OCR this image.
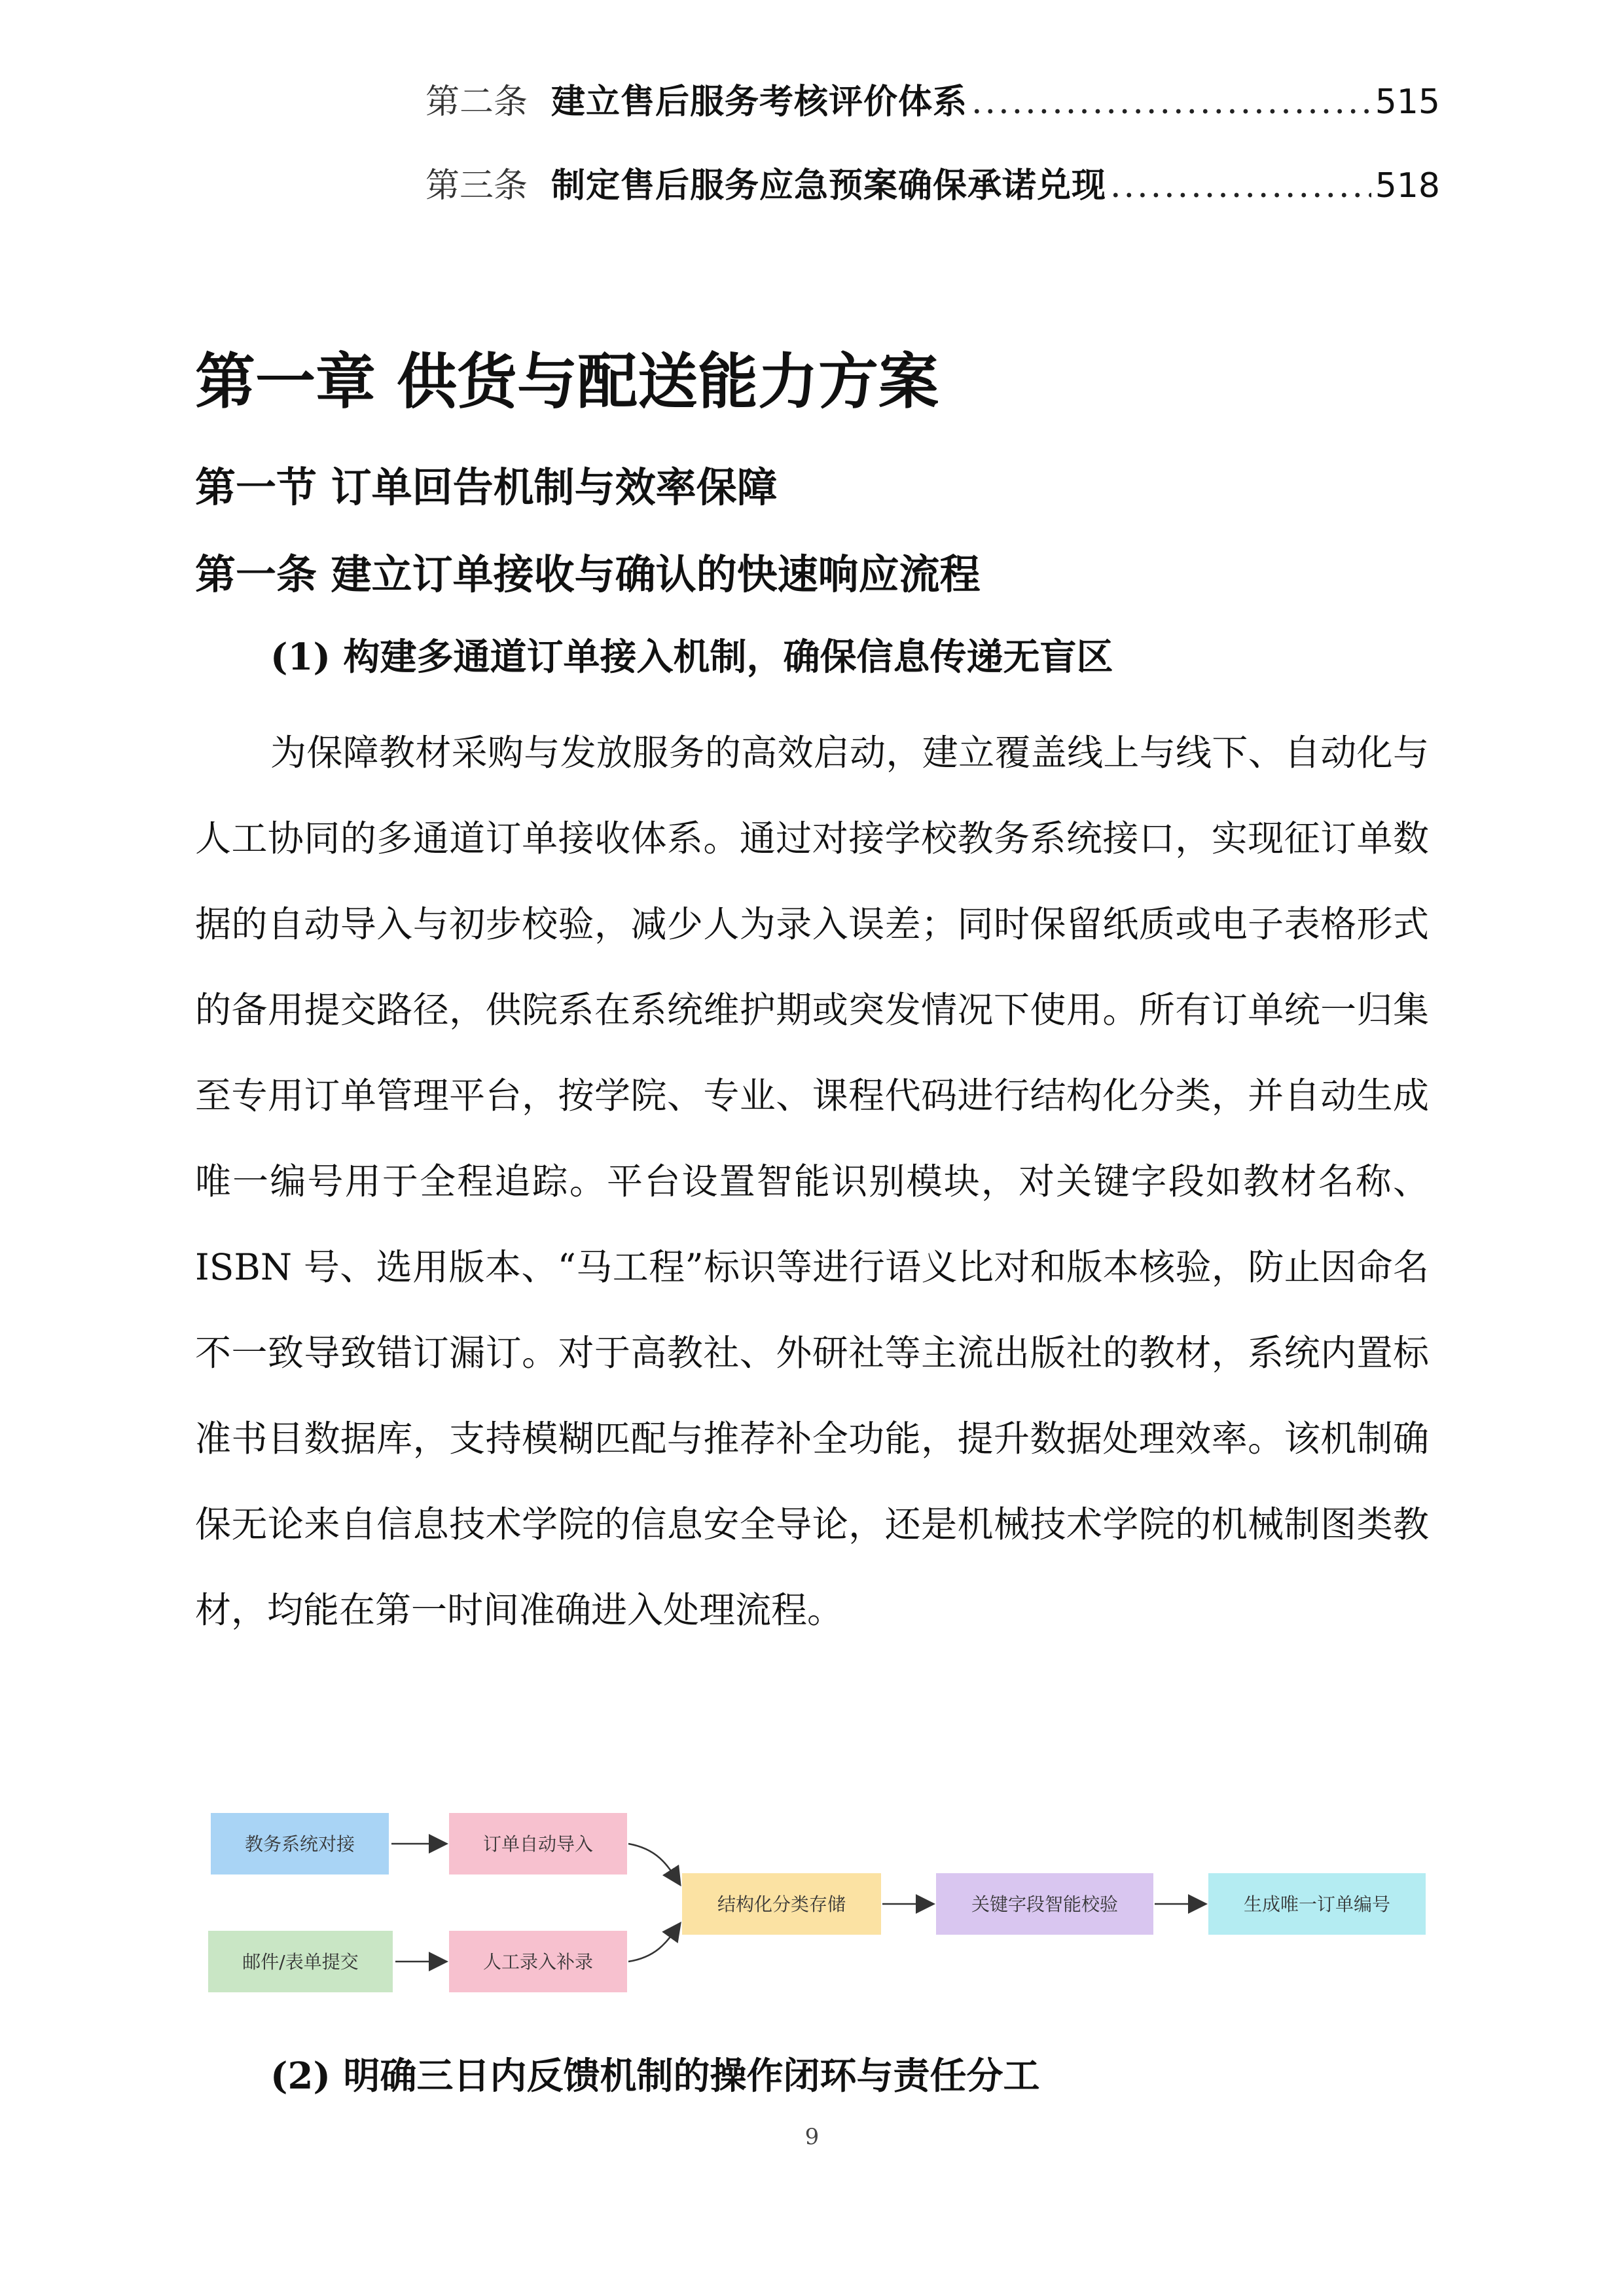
第二条 建立售后服务考核评价体系 .....	515
第三条 制定售后服务应急预案确保承诺兑现 .....	518
第一章 供货与配送能力方案
第一节 订单回告机制与效率保障
第一条 建立订单接收与确认的快速响应流程
(1) 构建多通道订单接入机制，确保信息传递无盲区

为保障教材采购与发放服务的高效启动，建立覆盖线上与线下、自动化与人工协同的多通道订单接收体系。通过对接学校教务系统接口，实现征订单数据的自动导入与初步校验，减少人为录入误差；同时保留纸质或电子表格形式的备用提交路径，供院系在系统维护期或突发情况下使用。所有订单统一归集至专用订单管理平台，按学院、专业、课程代码进行结构化分类，并自动生成唯一编号用于全程追踪。平台设置智能识别模块，对关键字段如教材名称、ISBN 号、选用版本、“马工程”标识等进行语义比对和版本核验，防止因命名不一致导致错订漏订。对于高教社、外研社等主流出版社的教材，系统内置标准书目数据库，支持模糊匹配与推荐补全功能，提升数据处理效率。该机制确保无论来自信息技术学院的信息安全导论，还是机械技术学院的机械制图类教材，均能在第一时间准确进入处理流程。

教务系统对接	订单自动导入
邮件/表单提交	人工录入补录
结构化分类存储	关键字段智能校验	生成唯一订单编号
(2) 明确三日内反馈机制的操作闭环与责任分工
9
